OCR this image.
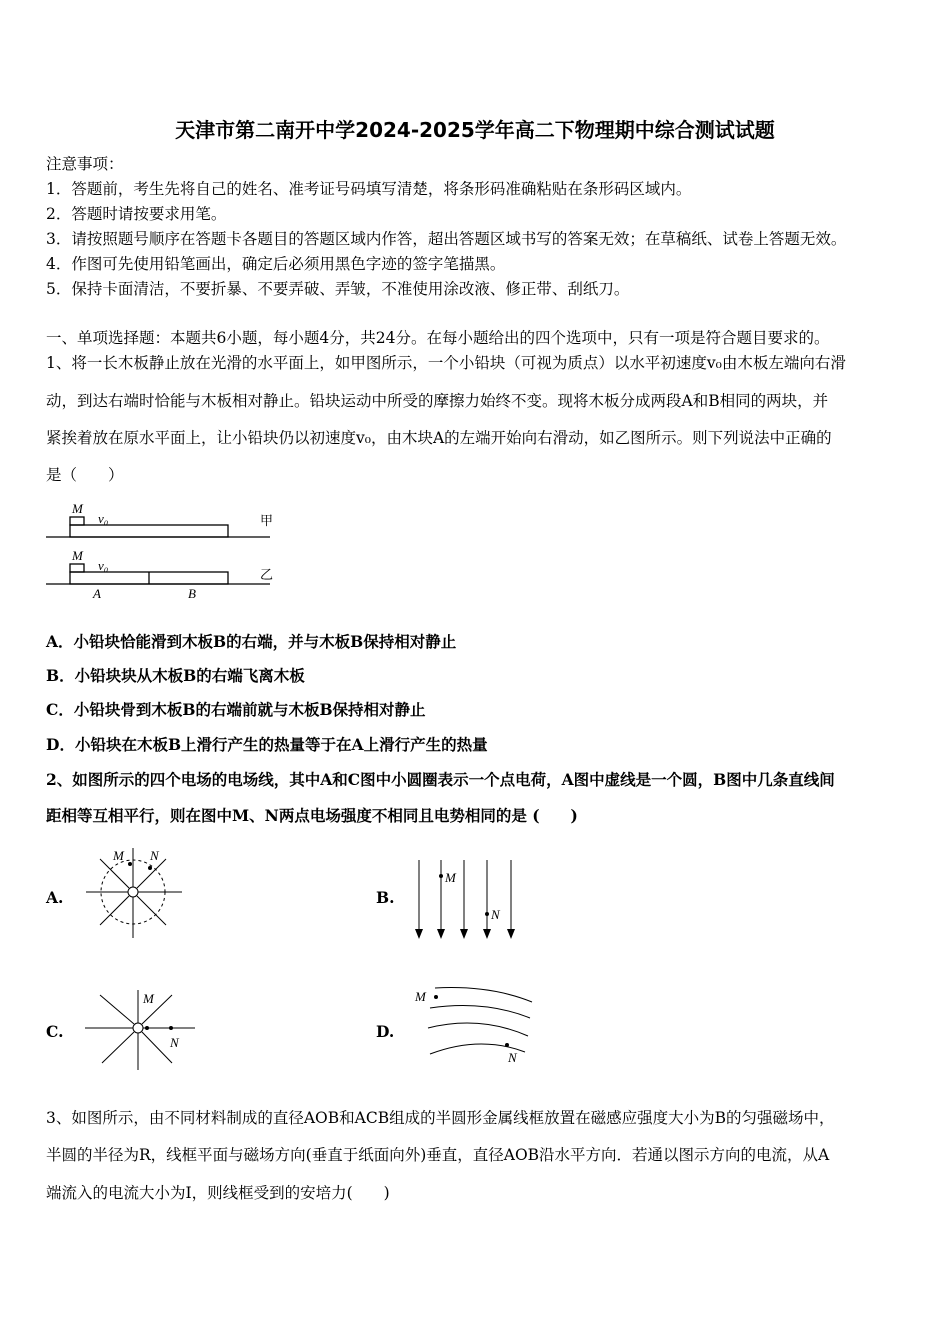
天津市第二南开中学2024-2025学年高二下物理期中综合测试试题
注意事项：
1．答题前，考生先将自己的姓名、准考证号码填写清楚，将条形码准确粘贴在条形码区域内。
2．答题时请按要求用笔。
3．请按照题号顺序在答题卡各题目的答题区域内作答，超出答题区域书写的答案无效；在草稿纸、试卷上答题无效。
4．作图可先使用铅笔画出，确定后必须用黑色字迹的签字笔描黑。
5．保持卡面清洁，不要折暴、不要弄破、弄皱，不准使用涂改液、修正带、刮纸刀。
一、单项选择题：本题共6小题，每小题4分，共24分。在每小题给出的四个选项中，只有一项是符合题目要求的。
1、将一长木板静止放在光滑的水平面上，如甲图所示，一个小铅块（可视为质点）以水平初速度v₀由木板左端向右滑
动，到达右端时恰能与木板相对静止。铅块运动中所受的摩擦力始终不变。现将木板分成两段A和B相同的两块，并
紧挨着放在原水平面上，让小铅块仍以初速度v₀，由木块A的左端开始向右滑动，如乙图所示。则下列说法中正确的
是（　　）
M
v₀	甲
M
v₀
乙
A	B
A．小铅块恰能滑到木板B的右端，并与木板B保持相对静止
B．小铅块块从木板B的右端飞离木板
C．小铅块骨到木板B的右端前就与木板B保持相对静止
D．小铅块在木板B上滑行产生的热量等于在A上滑行产生的热量
2、如图所示的四个电场的电场线，其中A和C图中小圆圈表示一个点电荷，A图中虚线是一个圆，B图中几条直线间
距相等互相平行，则在图中M、N两点电场强度不相同且电势相同的是 (　　)
A.	B.
C.	D.
M N
M
N
M
N
M
N
3、如图所示，由不同材料制成的直径AOB和ACB组成的半圆形金属线框放置在磁感应强度大小为B的匀强磁场中，
半圆的半径为R，线框平面与磁场方向(垂直于纸面向外)垂直，直径AOB沿水平方向．若通以图示方向的电流，从A
端流入的电流大小为I，则线框受到的安培力(　　)
